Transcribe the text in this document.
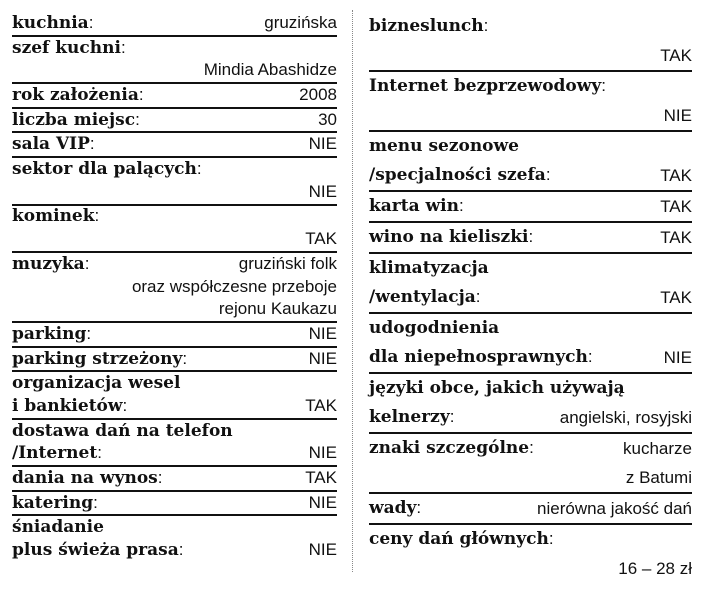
kuchnia:	gruzińska
szef kuchni:
Mindia Abashidze
rok założenia:	2008
liczba miejsc:	30
sala VIP:	NIE
sektor dla palących:
NIE
kominek:
TAK
muzyka:	gruziński folk
oraz współczesne przeboje
rejonu Kaukazu
parking:	NIE
parking strzeżony:	NIE
organizacja wesel
i bankietów:	TAK
dostawa dań na telefon
/Internet:	NIE
dania na wynos:	TAK
katering:	NIE
śniadanie
plus świeża prasa:	NIE
bizneslunch:
TAK
Internet bezprzewodowy:
NIE
menu sezonowe
/specjalności szefa:	TAK
karta win:	TAK
wino na kieliszki:	TAK
klimatyzacja
/wentylacja:	TAK
udogodnienia
dla niepełnosprawnych:	NIE
języki obce, jakich używają
kelnerzy:	angielski, rosyjski
znaki szczególne:	kucharze
z Batumi
wady:	nierówna jakość dań
ceny dań głównych:
16 – 28 zł
